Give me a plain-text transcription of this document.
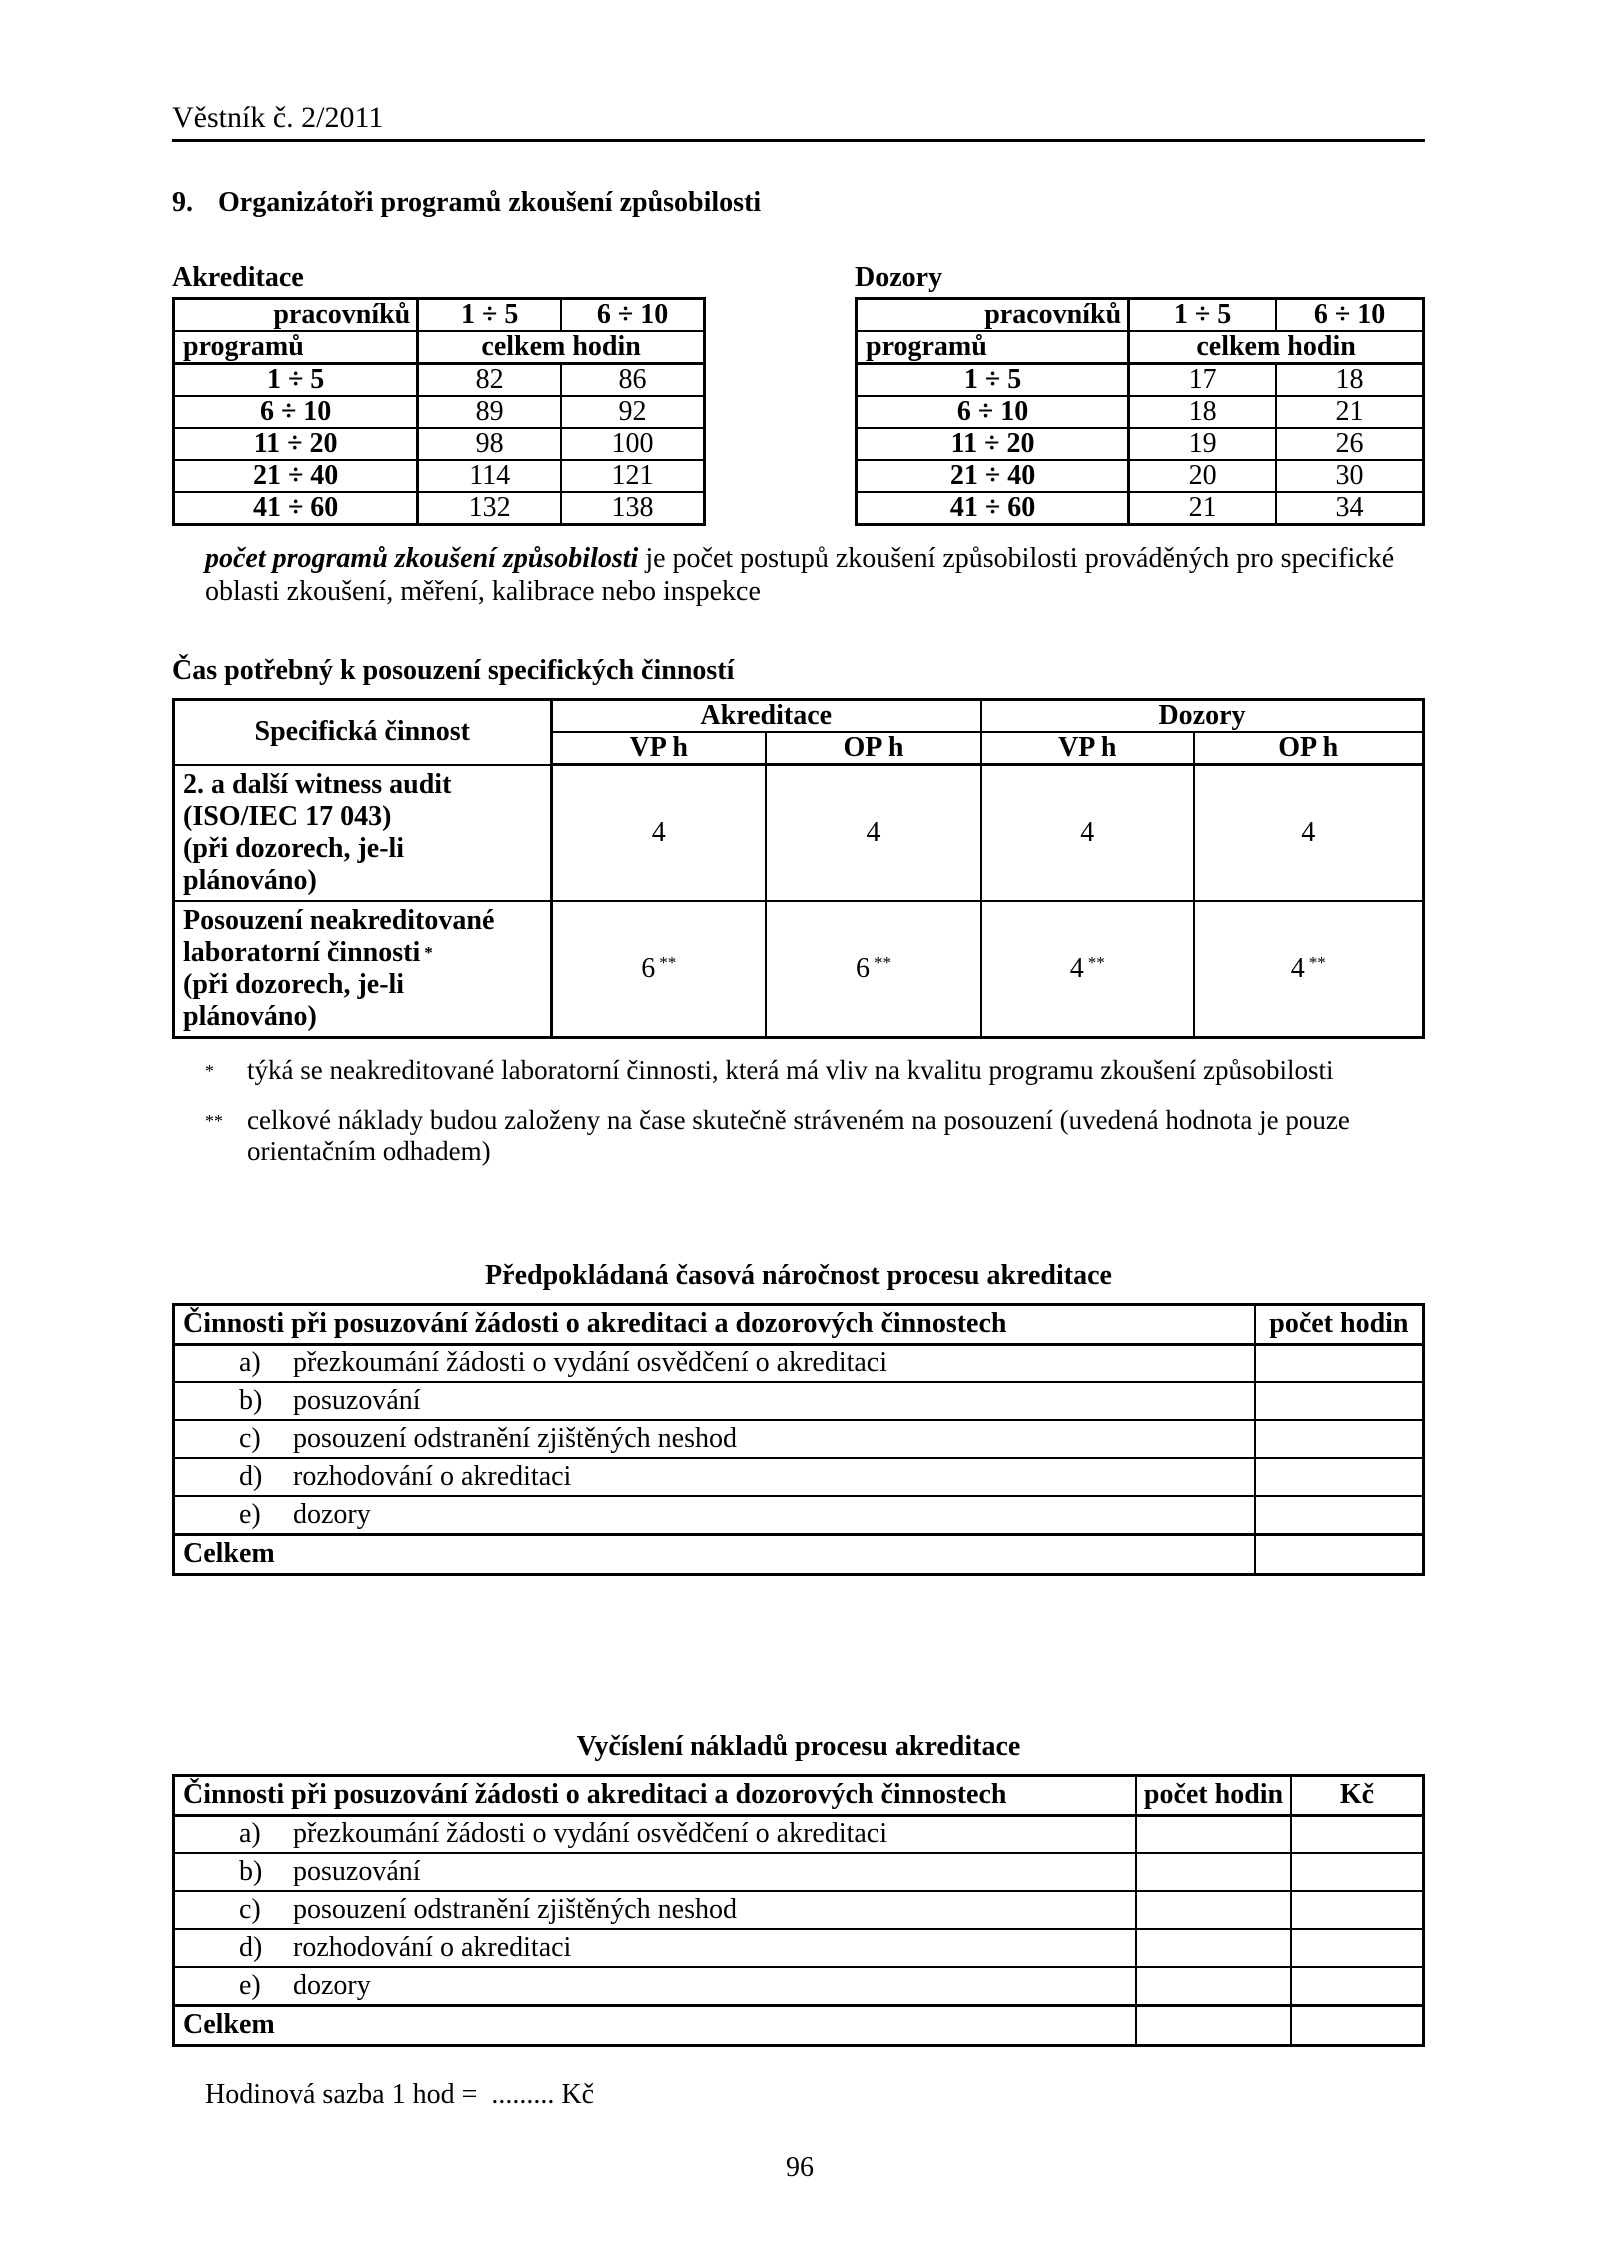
Věstník č. 2/2011
9. Organizátoři programů zkoušení způsobilosti
Akreditace
pracovníků	1 ÷ 5	6 ÷ 10
programů	celkem hodin	
1 ÷ 5	82	86
6 ÷ 10	89	92
11 ÷ 20	98	100
21 ÷ 40	114	121
41 ÷ 60	132	138
Dozory
pracovníků	1 ÷ 5	6 ÷ 10
programů	celkem hodin	
1 ÷ 5	17	18
6 ÷ 10	18	21
11 ÷ 20	19	26
21 ÷ 40	20	30
41 ÷ 60	21	34
počet programů zkoušení způsobilosti je počet postupů zkoušení způsobilosti prováděných pro specifické oblasti zkoušení, měření, kalibrace nebo inspekce
Čas potřebný k posouzení specifických činností
Specifická činnost	Akreditace		Dozory	
	VP h	OP h	VP h	OP h

2. a další witness audit
(ISO/IEC 17 043)
(při dozorech, je-li plánováno)	4	4	4	4

Posouzení neakreditované
laboratorní činnosti *
(při dozorech, je-li plánováno)	6 **	6 **	4 **	4 **
*	týká se neakreditované laboratorní činnosti, která má vliv na kvalitu programu zkoušení způsobilosti
** celkové náklady budou založeny na čase skutečně stráveném na posouzení (uvedená hodnota je pouze orientačním odhadem)
Předpokládaná časová náročnost procesu akreditace
Činnosti při posuzování žádosti o akreditaci a dozorových činnostech	počet hodin
a) přezkoumání žádosti o vydání osvědčení o akreditaci	
b) posuzování	
c) posouzení odstranění zjištěných neshod	
d) rozhodování o akreditaci	
e) dozory	
Celkem	
Vyčíslení nákladů procesu akreditace
Činnosti při posuzování žádosti o akreditaci a dozorových činnostech	počet hodin	Kč
a) přezkoumání žádosti o vydání osvědčení o akreditaci		
b) posuzování		
c) posouzení odstranění zjištěných neshod		
d) rozhodování o akreditaci		
e) dozory		
Celkem		
Hodinová sazba 1 hod =  ......... Kč
96
